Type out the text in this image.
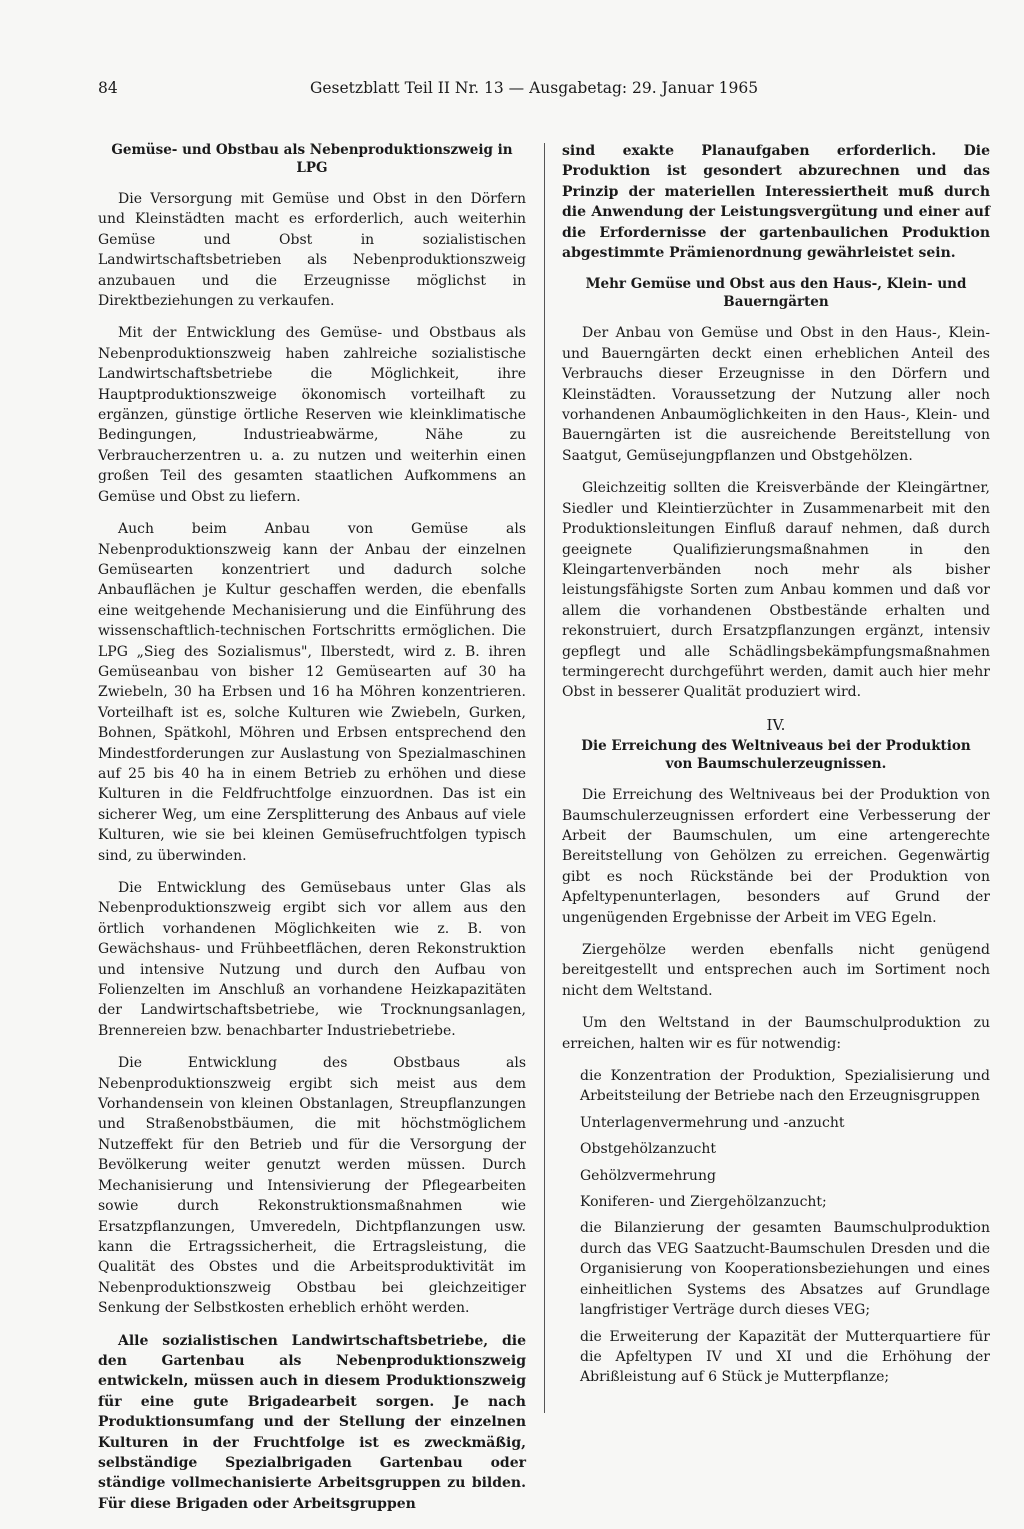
84	Gesetzblatt Teil II Nr. 13 — Ausgabetag: 29. Januar 1965
Gemüse- und Obstbau als Nebenproduktionszweig in LPG

Die Versorgung mit Gemüse und Obst in den Dörfern und Kleinstädten macht es erforderlich, auch weiterhin Gemüse und Obst in sozialistischen Landwirtschaftsbetrieben als Nebenproduktionszweig anzubauen und die Erzeugnisse möglichst in Direktbeziehungen zu verkaufen.

Mit der Entwicklung des Gemüse- und Obstbaus als Nebenproduktionszweig haben zahlreiche sozialistische Landwirtschaftsbetriebe die Möglichkeit, ihre Hauptproduktionszweige ökonomisch vorteilhaft zu ergänzen, günstige örtliche Reserven wie kleinklimatische Bedingungen, Industrieabwärme, Nähe zu Verbraucherzentren u. a. zu nutzen und weiterhin einen großen Teil des gesamten staatlichen Aufkommens an Gemüse und Obst zu liefern.

Auch beim Anbau von Gemüse als Nebenproduktionszweig kann der Anbau der einzelnen Gemüsearten konzentriert und dadurch solche Anbauflächen je Kultur geschaffen werden, die ebenfalls eine weitgehende Mechanisierung und die Einführung des wissenschaftlich-technischen Fortschritts ermöglichen. Die LPG „Sieg des Sozialismus", Ilberstedt, wird z. B. ihren Gemüseanbau von bisher 12 Gemüsearten auf 30 ha Zwiebeln, 30 ha Erbsen und 16 ha Möhren konzentrieren. Vorteilhaft ist es, solche Kulturen wie Zwiebeln, Gurken, Bohnen, Spätkohl, Möhren und Erbsen entsprechend den Mindestforderungen zur Auslastung von Spezialmaschinen auf 25 bis 40 ha in einem Betrieb zu erhöhen und diese Kulturen in die Feldfruchtfolge einzuordnen. Das ist ein sicherer Weg, um eine Zersplitterung des Anbaus auf viele Kulturen, wie sie bei kleinen Gemüsefruchtfolgen typisch sind, zu überwinden.

Die Entwicklung des Gemüsebaus unter Glas als Nebenproduktionszweig ergibt sich vor allem aus den örtlich vorhandenen Möglichkeiten wie z. B. von Gewächshaus- und Frühbeetflächen, deren Rekonstruktion und intensive Nutzung und durch den Aufbau von Folienzelten im Anschluß an vorhandene Heizkapazitäten der Landwirtschaftsbetriebe, wie Trocknungsanlagen, Brennereien bzw. benachbarter Industriebetriebe.

Die Entwicklung des Obstbaus als Nebenproduktionszweig ergibt sich meist aus dem Vorhandensein von kleinen Obstanlagen, Streupflanzungen und Straßenobstbäumen, die mit höchstmöglichem Nutzeffekt für den Betrieb und für die Versorgung der Bevölkerung weiter genutzt werden müssen. Durch Mechanisierung und Intensivierung der Pflegearbeiten sowie durch Rekonstruktionsmaßnahmen wie Ersatzpflanzungen, Umveredeln, Dichtpflanzungen usw. kann die Ertragssicherheit, die Ertragsleistung, die Qualität des Obstes und die Arbeitsproduktivität im Nebenproduktionszweig Obstbau bei gleichzeitiger Senkung der Selbstkosten erheblich erhöht werden.

Alle sozialistischen Landwirtschaftsbetriebe, die den Gartenbau als Nebenproduktionszweig entwickeln, müssen auch in diesem Produktionszweig für eine gute Brigadearbeit sorgen. Je nach Produktionsumfang und der Stellung der einzelnen Kulturen in der Fruchtfolge ist es zweckmäßig, selbständige Spezialbrigaden Gartenbau oder ständige vollmechanisierte Arbeitsgruppen zu bilden. Für diese Brigaden oder Arbeitsgruppen

sind exakte Planaufgaben erforderlich. Die Produktion ist gesondert abzurechnen und das Prinzip der materiellen Interessiertheit muß durch die Anwendung der Leistungsvergütung und einer auf die Erfordernisse der gartenbaulichen Produktion abgestimmte Prämienordnung gewährleistet sein.

Mehr Gemüse und Obst aus den Haus-, Klein- und Bauerngärten

Der Anbau von Gemüse und Obst in den Haus-, Klein- und Bauerngärten deckt einen erheblichen Anteil des Verbrauchs dieser Erzeugnisse in den Dörfern und Kleinstädten. Voraussetzung der Nutzung aller noch vorhandenen Anbaumöglichkeiten in den Haus-, Klein- und Bauerngärten ist die ausreichende Bereitstellung von Saatgut, Gemüsejungpflanzen und Obstgehölzen.

Gleichzeitig sollten die Kreisverbände der Kleingärtner, Siedler und Kleintierzüchter in Zusammenarbeit mit den Produktionsleitungen Einfluß darauf nehmen, daß durch geeignete Qualifizierungsmaßnahmen in den Kleingartenverbänden noch mehr als bisher leistungsfähigste Sorten zum Anbau kommen und daß vor allem die vorhandenen Obstbestände erhalten und rekonstruiert, durch Ersatzpflanzungen ergänzt, intensiv gepflegt und alle Schädlingsbekämpfungsmaßnahmen termingerecht durchgeführt werden, damit auch hier mehr Obst in besserer Qualität produziert wird.

IV.
Die Erreichung des Weltniveaus bei der Produktion von Baumschulerzeugnissen.

Die Erreichung des Weltniveaus bei der Produktion von Baumschulerzeugnissen erfordert eine Verbesserung der Arbeit der Baumschulen, um eine artengerechte Bereitstellung von Gehölzen zu erreichen. Gegenwärtig gibt es noch Rückstände bei der Produktion von Apfeltypenunterlagen, besonders auf Grund der ungenügenden Ergebnisse der Arbeit im VEG Egeln.

Ziergehölze werden ebenfalls nicht genügend bereitgestellt und entsprechen auch im Sortiment noch nicht dem Weltstand.

Um den Weltstand in der Baumschulproduktion zu erreichen, halten wir es für notwendig:

die Konzentration der Produktion, Spezialisierung und Arbeitsteilung der Betriebe nach den Erzeugnisgruppen

Unterlagenvermehrung und -anzucht

Obstgehölzanzucht

Gehölzvermehrung

Koniferen- und Ziergehölzanzucht;

die Bilanzierung der gesamten Baumschulproduktion durch das VEG Saatzucht-Baumschulen Dresden und die Organisierung von Kooperationsbeziehungen und eines einheitlichen Systems des Absatzes auf Grundlage langfristiger Verträge durch dieses VEG;

die Erweiterung der Kapazität der Mutterquartiere für die Apfeltypen IV und XI und die Erhöhung der Abrißleistung auf 6 Stück je Mutterpflanze;
